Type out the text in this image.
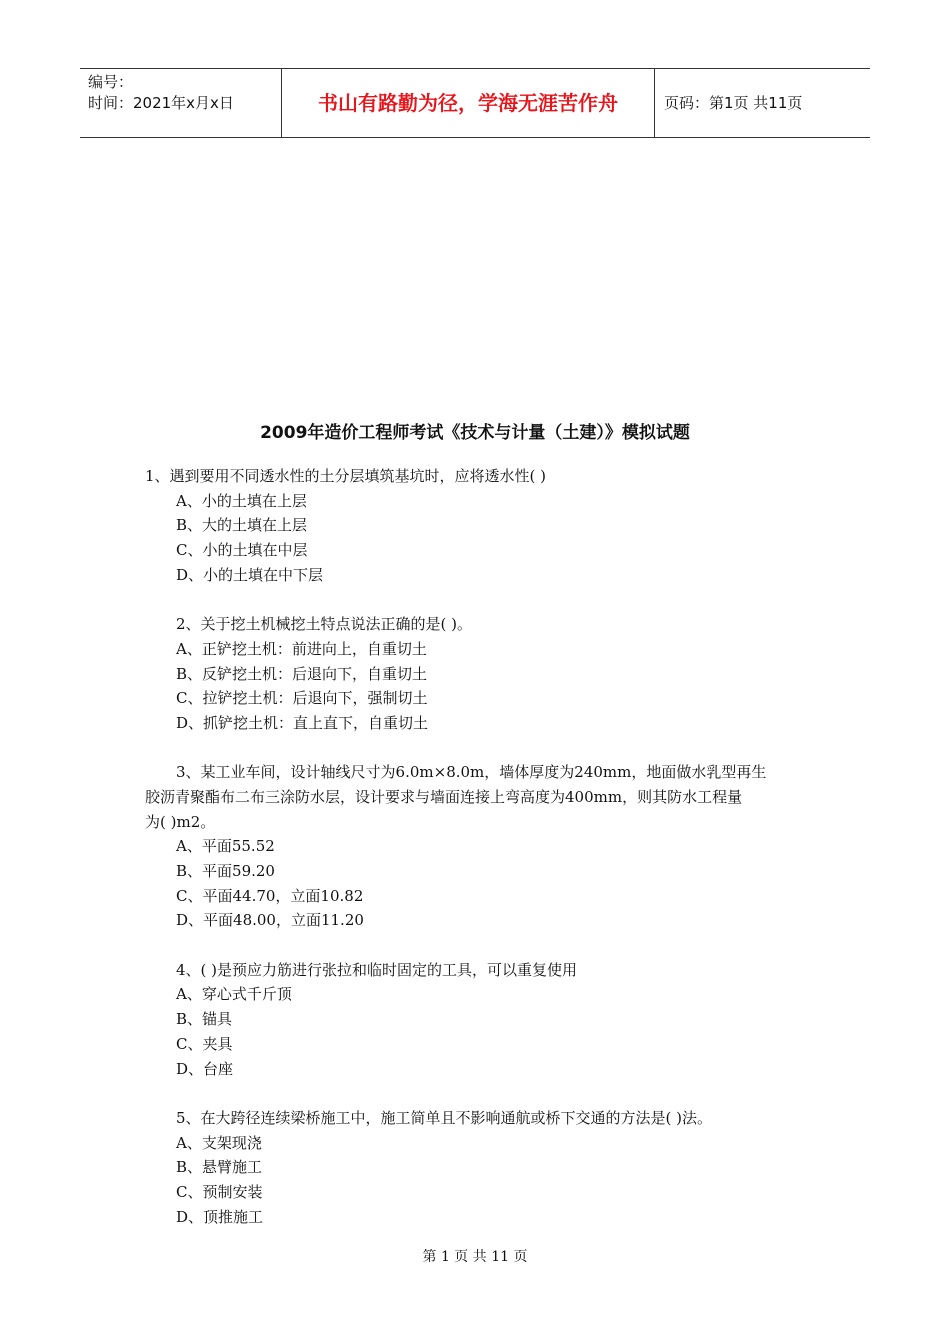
编号：
时间：2021年x月x日	书山有路勤为径，学海无涯苦作舟	页码：第1页 共11页
2009年造价工程师考试《技术与计量（土建）》模拟试题
1、遇到要用不同透水性的土分层填筑基坑时，应将透水性( )
A、小的土填在上层
B、大的土填在上层
C、小的土填在中层
D、小的土填在中下层
2、关于挖土机械挖土特点说法正确的是( )。
A、正铲挖土机：前进向上，自重切土
B、反铲挖土机：后退向下，自重切土
C、拉铲挖土机：后退向下，强制切土
D、抓铲挖土机：直上直下，自重切土
3、某工业车间，设计轴线尺寸为6.0m×8.0m，墙体厚度为240mm，地面做水乳型再生
胶沥青聚酯布二布三涂防水层，设计要求与墙面连接上弯高度为400mm，则其防水工程量
为( )m2。
A、平面55.52
B、平面59.20
C、平面44.70，立面10.82
D、平面48.00，立面11.20
4、( )是预应力筋进行张拉和临时固定的工具，可以重复使用
A、穿心式千斤顶
B、锚具
C、夹具
D、台座
5、在大跨径连续梁桥施工中，施工简单且不影响通航或桥下交通的方法是( )法。
A、支架现浇
B、悬臂施工
C、预制安装
D、顶推施工
第 1 页 共 11 页
